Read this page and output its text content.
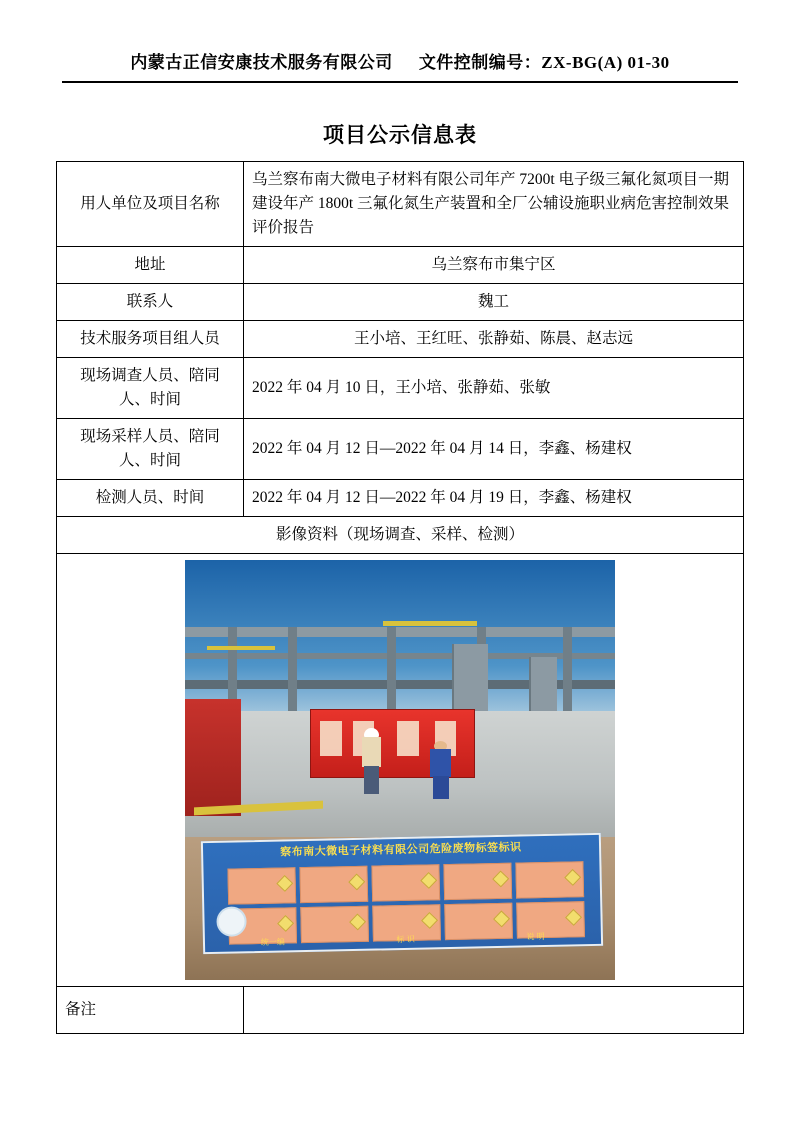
内蒙古正信安康技术服务有限公司 文件控制编号：ZX-BG(A) 01-30
项目公示信息表
用人单位及项目名称	乌兰察布南大微电子材料有限公司年产 7200t 电子级三氟化氮项目一期建设年产 1800t 三氟化氮生产装置和全厂公辅设施职业病危害控制效果评价报告
地址	乌兰察布市集宁区
联系人	魏工
技术服务项目组人员	王小培、王红旺、张静茹、陈晨、赵志远
现场调查人员、陪同人、时间	2022 年 04 月 10 日，王小培、张静茹、张敏
现场采样人员、陪同人、时间	2022 年 04 月 12 日—2022 年 04 月 14 日，李鑫、杨建权
检测人员、时间	2022 年 04 月 12 日—2022 年 04 月 19 日，李鑫、杨建权
影像资料（现场调查、采样、检测）	

察布南大微电子材料有限公司危险废物标签标识
统一编 标 识 说 明	

备注	
